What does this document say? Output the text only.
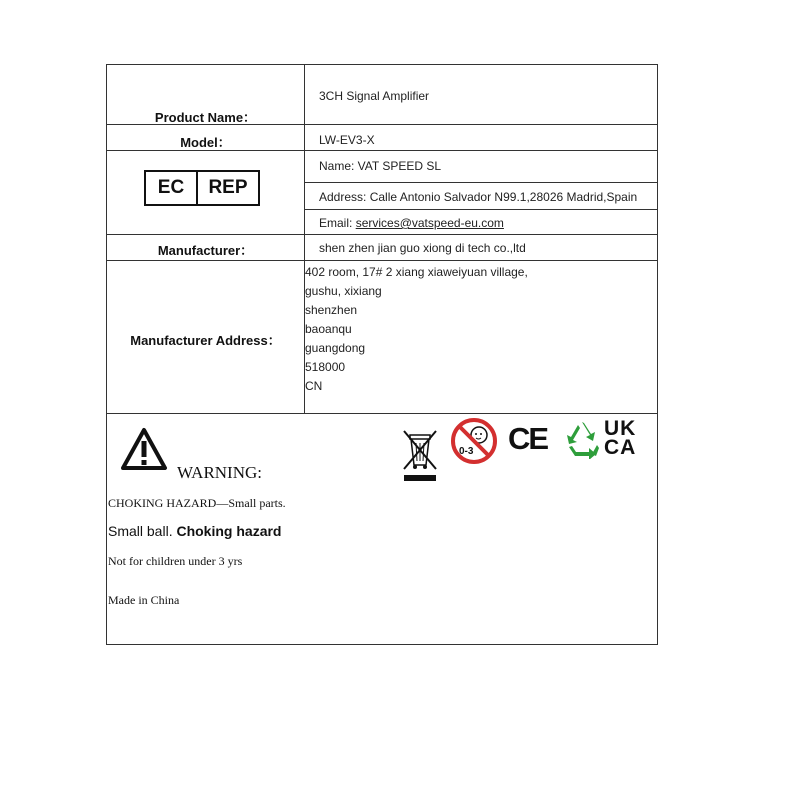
Product Name：
3CH Signal Amplifier
Model：	LW-EV3-X
EC	REP
Name: VAT SPEED SL
Address: Calle Antonio Salvador N99.1,28026 Madrid,Spain
Email: services@vatspeed-eu.com
Manufacturer：	shen zhen jian guo xiong di tech co.,ltd
Manufacturer Address：
402 room, 17# 2 xiang xiaweiyuan village,
gushu, xixiang
shenzhen
baoanqu
guangdong
518000
CN
WARNING:
CHOKING HAZARD—Small parts.
Small ball. Choking hazard
Not for children under 3 yrs
Made in China
0-3 CE	UK
CA
